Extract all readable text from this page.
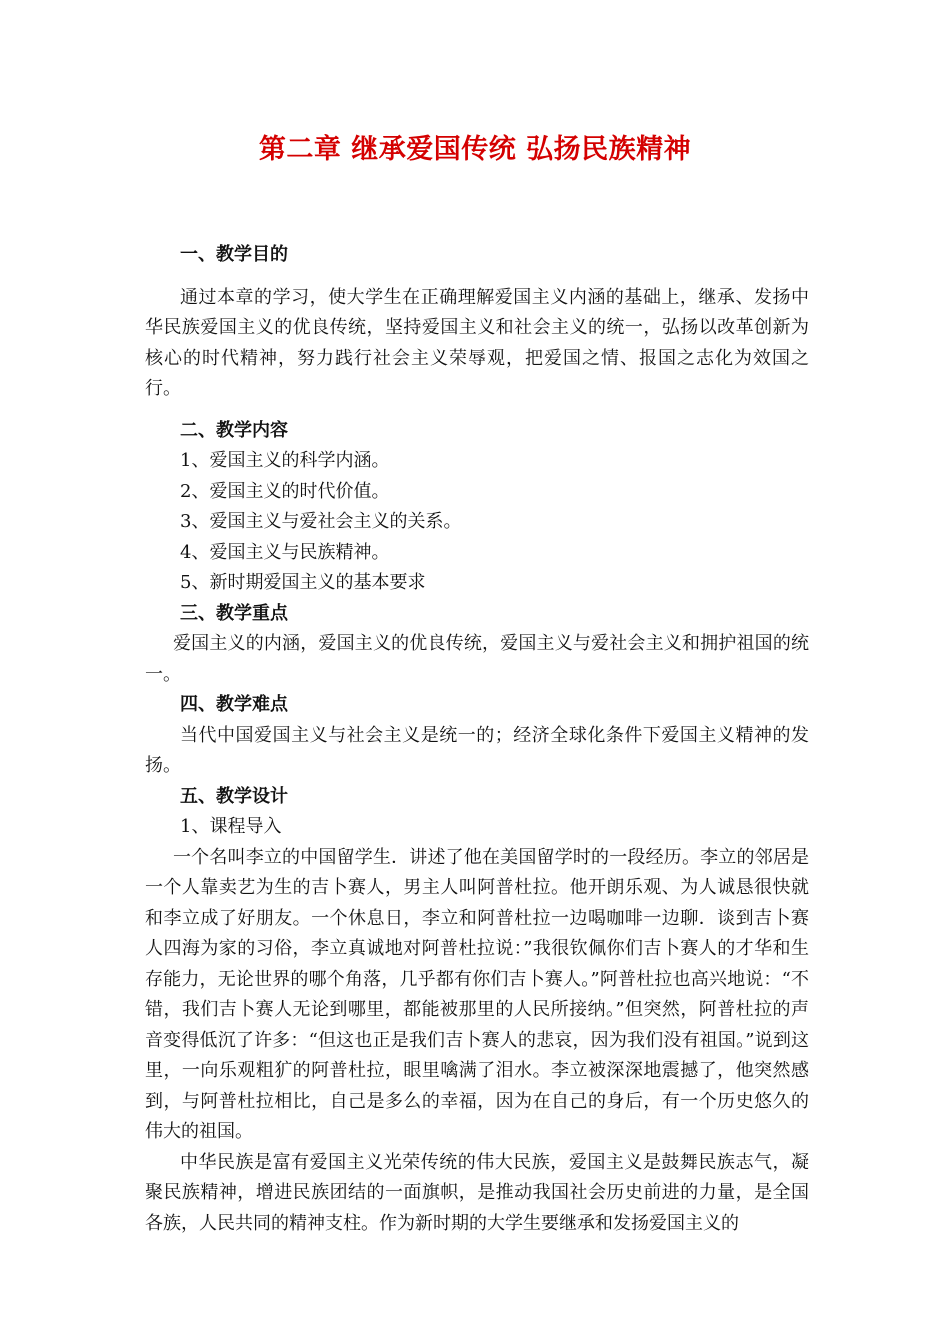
第二章 继承爱国传统 弘扬民族精神

一、教学目的

通过本章的学习，使大学生在正确理解爱国主义内涵的基础上，继承、发扬中华民族爱国主义的优良传统，坚持爱国主义和社会主义的统一，弘扬以改革创新为核心的时代精神，努力践行社会主义荣辱观，把爱国之情、报国之志化为效国之行。

二、教学内容

1、爱国主义的科学内涵。

2、爱国主义的时代价值。

3、爱国主义与爱社会主义的关系。

4、爱国主义与民族精神。

5、新时期爱国主义的基本要求

三、教学重点

爱国主义的内涵，爱国主义的优良传统，爱国主义与爱社会主义和拥护祖国的统一。

四、教学难点

当代中国爱国主义与社会主义是统一的；经济全球化条件下爱国主义精神的发扬。

五、教学设计

1、课程导入

一个名叫李立的中国留学生．讲述了他在美国留学时的一段经历。李立的邻居是一个人靠卖艺为生的吉卜赛人，男主人叫阿普杜拉。他开朗乐观、为人诚恳很快就和李立成了好朋友。一个休息日，李立和阿普杜拉一边喝咖啡一边聊．谈到吉卜赛人四海为家的习俗，李立真诚地对阿普杜拉说：”我很钦佩你们吉卜赛人的才华和生存能力，无论世界的哪个角落，几乎都有你们吉卜赛人。”阿普杜拉也高兴地说：“不错，我们吉卜赛人无论到哪里，都能被那里的人民所接纳。”但突然，阿普杜拉的声音变得低沉了许多：“但这也正是我们吉卜赛人的悲哀，因为我们没有祖国。”说到这里，一向乐观粗犷的阿普杜拉，眼里噙满了泪水。李立被深深地震撼了，他突然感到，与阿普杜拉相比，自己是多么的幸福，因为在自己的身后，有一个历史悠久的伟大的祖国。

中华民族是富有爱国主义光荣传统的伟大民族，爱国主义是鼓舞民族志气，凝聚民族精神，增进民族团结的一面旗帜，是推动我国社会历史前进的力量，是全国各族，人民共同的精神支柱。作为新时期的大学生要继承和发扬爱国主义的
